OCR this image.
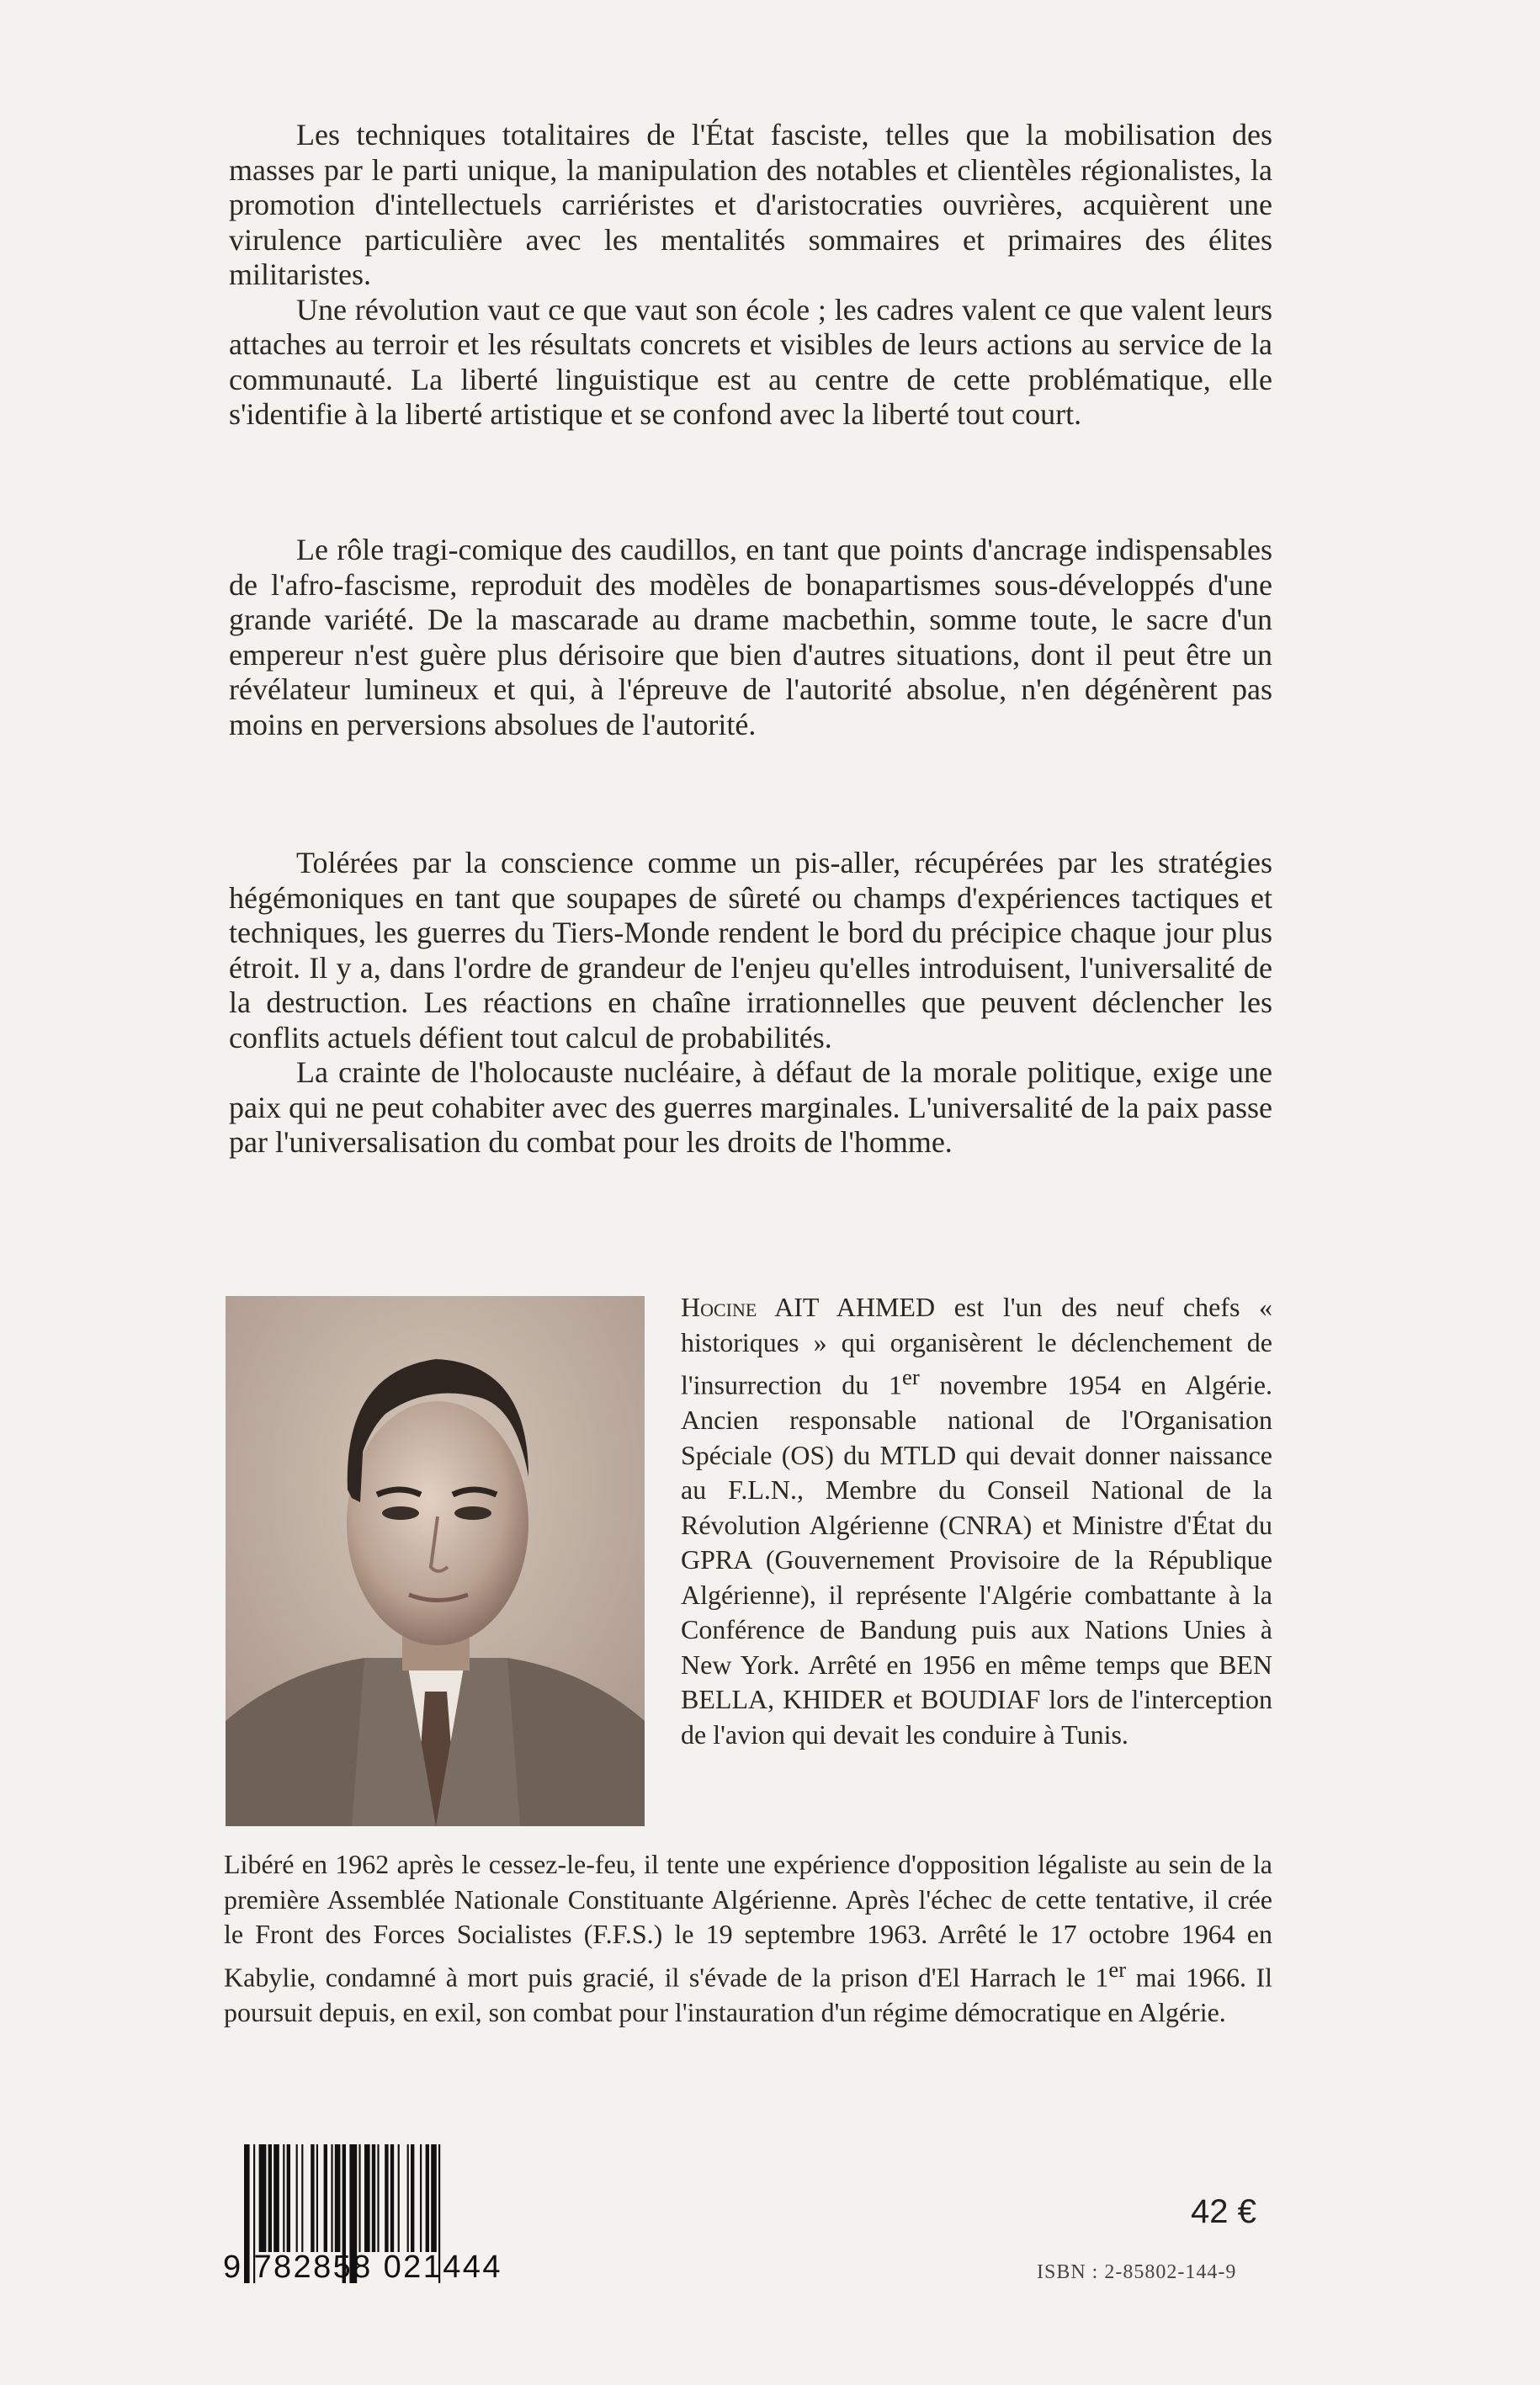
Les techniques totalitaires de l'État fasciste, telles que la mobilisation des masses par le parti unique, la manipulation des notables et clientèles régionalistes, la promotion d'intellectuels carriéristes et d'aristocraties ouvrières, acquièrent une virulence particulière avec les mentalités sommaires et primaires des élites militaristes.

Une révolution vaut ce que vaut son école ; les cadres valent ce que valent leurs attaches au terroir et les résultats concrets et visibles de leurs actions au service de la communauté. La liberté linguistique est au centre de cette problématique, elle s'identifie à la liberté artistique et se confond avec la liberté tout court.

Le rôle tragi-comique des caudillos, en tant que points d'ancrage indispensables de l'afro-fascisme, reproduit des modèles de bonapartismes sous-développés d'une grande variété. De la mascarade au drame macbethin, somme toute, le sacre d'un empereur n'est guère plus dérisoire que bien d'autres situations, dont il peut être un révélateur lumineux et qui, à l'épreuve de l'autorité absolue, n'en dégénèrent pas moins en perversions absolues de l'autorité.

Tolérées par la conscience comme un pis-aller, récupérées par les stratégies hégémoniques en tant que soupapes de sûreté ou champs d'expériences tactiques et techniques, les guerres du Tiers-Monde rendent le bord du précipice chaque jour plus étroit. Il y a, dans l'ordre de grandeur de l'enjeu qu'elles introduisent, l'universalité de la destruction. Les réactions en chaîne irrationnelles que peuvent déclencher les conflits actuels défient tout calcul de probabilités.

La crainte de l'holocauste nucléaire, à défaut de la morale politique, exige une paix qui ne peut cohabiter avec des guerres marginales. L'universalité de la paix passe par l'universalisation du combat pour les droits de l'homme.

Hocine AIT AHMED est l'un des neuf chefs « historiques » qui organisèrent le déclenchement de l'insurrection du 1er novembre 1954 en Algérie. Ancien responsable national de l'Organisation Spéciale (OS) du MTLD qui devait donner naissance au F.L.N., Membre du Conseil National de la Révolution Algérienne (CNRA) et Ministre d'État du GPRA (Gouvernement Provisoire de la République Algérienne), il représente l'Algérie combattante à la Conférence de Bandung puis aux Nations Unies à New York. Arrêté en 1956 en même temps que BEN BELLA, KHIDER et BOUDIAF lors de l'interception de l'avion qui devait les conduire à Tunis.

Libéré en 1962 après le cessez-le-feu, il tente une expérience d'opposition légaliste au sein de la première Assemblée Nationale Constituante Algérienne. Après l'échec de cette tentative, il crée le Front des Forces Socialistes (F.F.S.) le 19 septembre 1963. Arrêté le 17 octobre 1964 en Kabylie, condamné à mort puis gracié, il s'évade de la prison d'El Harrach le 1er mai 1966. Il poursuit depuis, en exil, son combat pour l'instauration d'un régime démocratique en Algérie.

9 782858 021444
42 €
ISBN : 2-85802-144-9
